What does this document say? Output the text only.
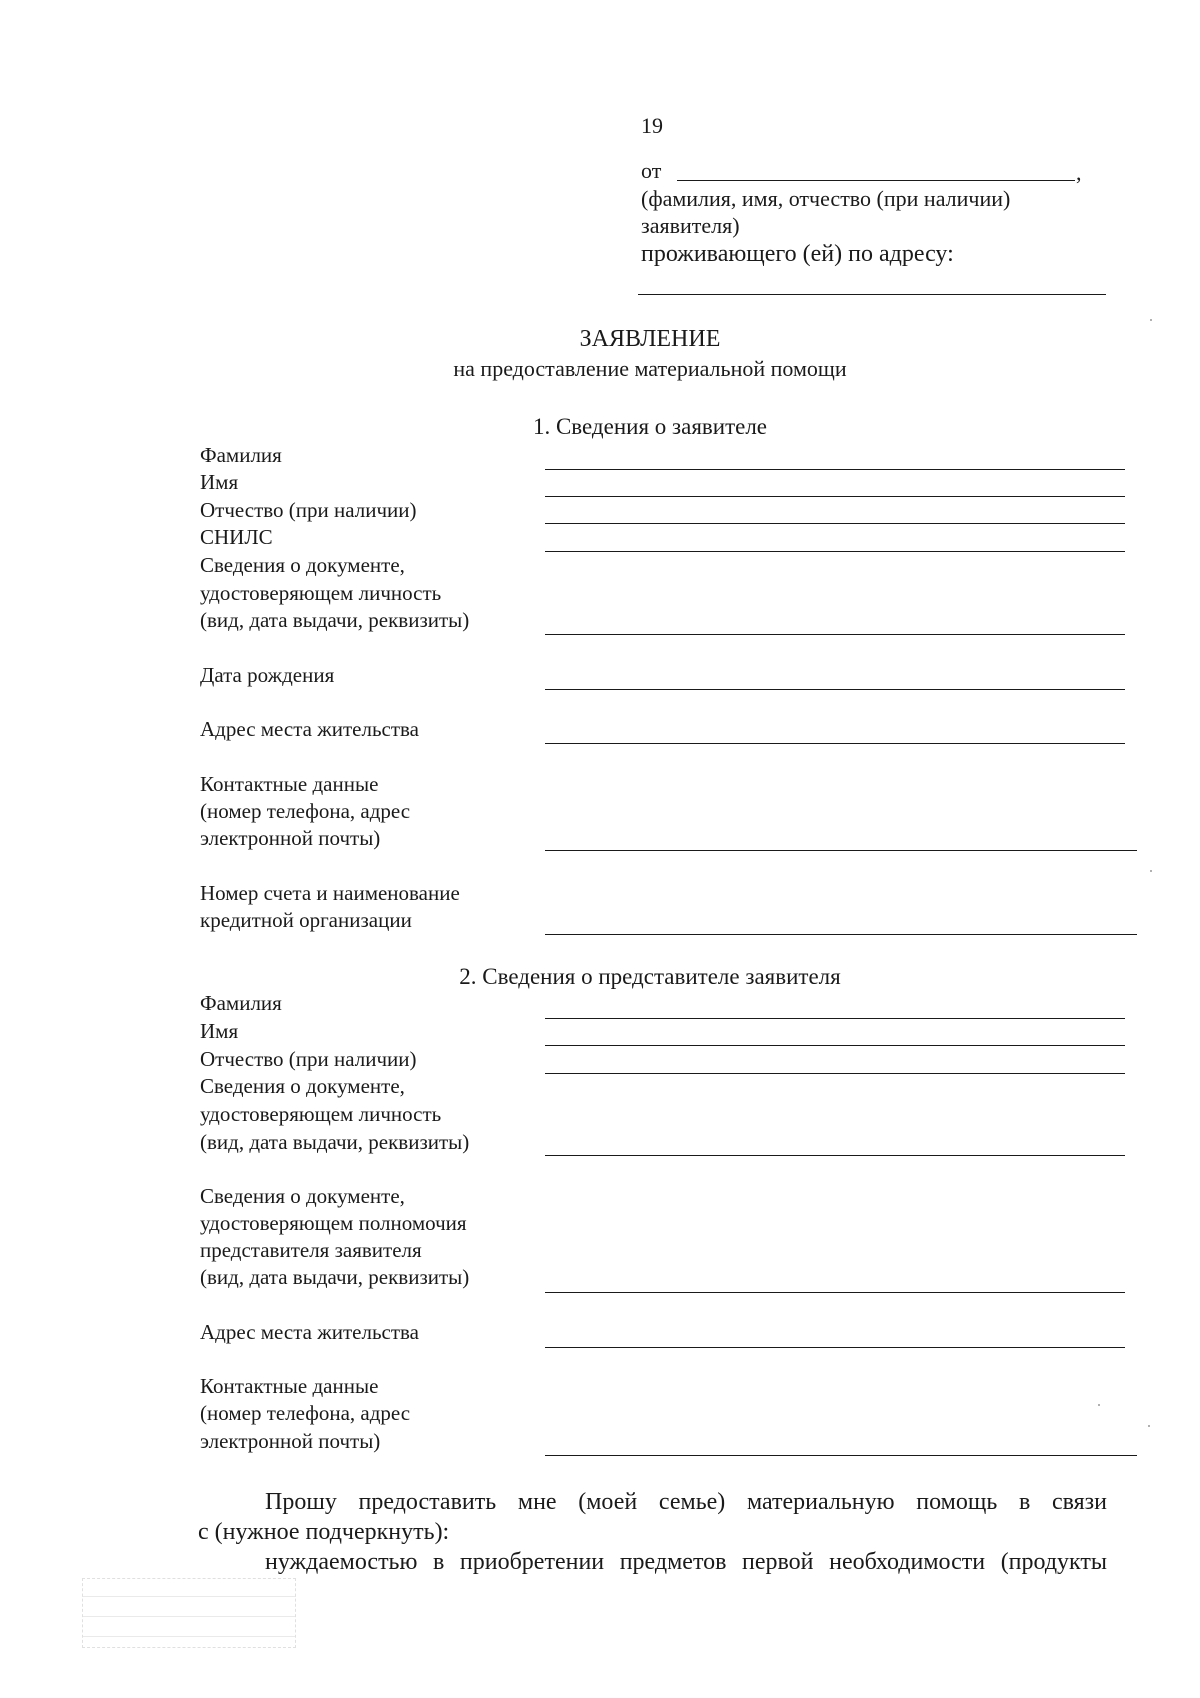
19
от	,
(фамилия, имя, отчество (при наличии)
заявителя)
проживающего (ей) по адресу:
ЗАЯВЛЕНИЕ
на предоставление материальной помощи
1. Сведения о заявителе
Фамилия
Имя
Отчество (при наличии)
СНИЛС
Сведения о документе,
удостоверяющем личность
(вид, дата выдачи, реквизиты)
Дата рождения
Адрес места жительства
Контактные данные
(номер телефона, адрес
электронной почты)
Номер счета и наименование
кредитной организации
2. Сведения о представителе заявителя
Фамилия
Имя
Отчество (при наличии)
Сведения о документе,
удостоверяющем личность
(вид, дата выдачи, реквизиты)
Сведения о документе,
удостоверяющем полномочия
представителя заявителя
(вид, дата выдачи, реквизиты)
Адрес места жительства
Контактные данные
(номер телефона, адрес
электронной почты)
Прошу предоставить мне (моей семье) материальную помощь в связи
с (нужное подчеркнуть):
нуждаемостью в приобретении предметов первой необходимости (продукты
